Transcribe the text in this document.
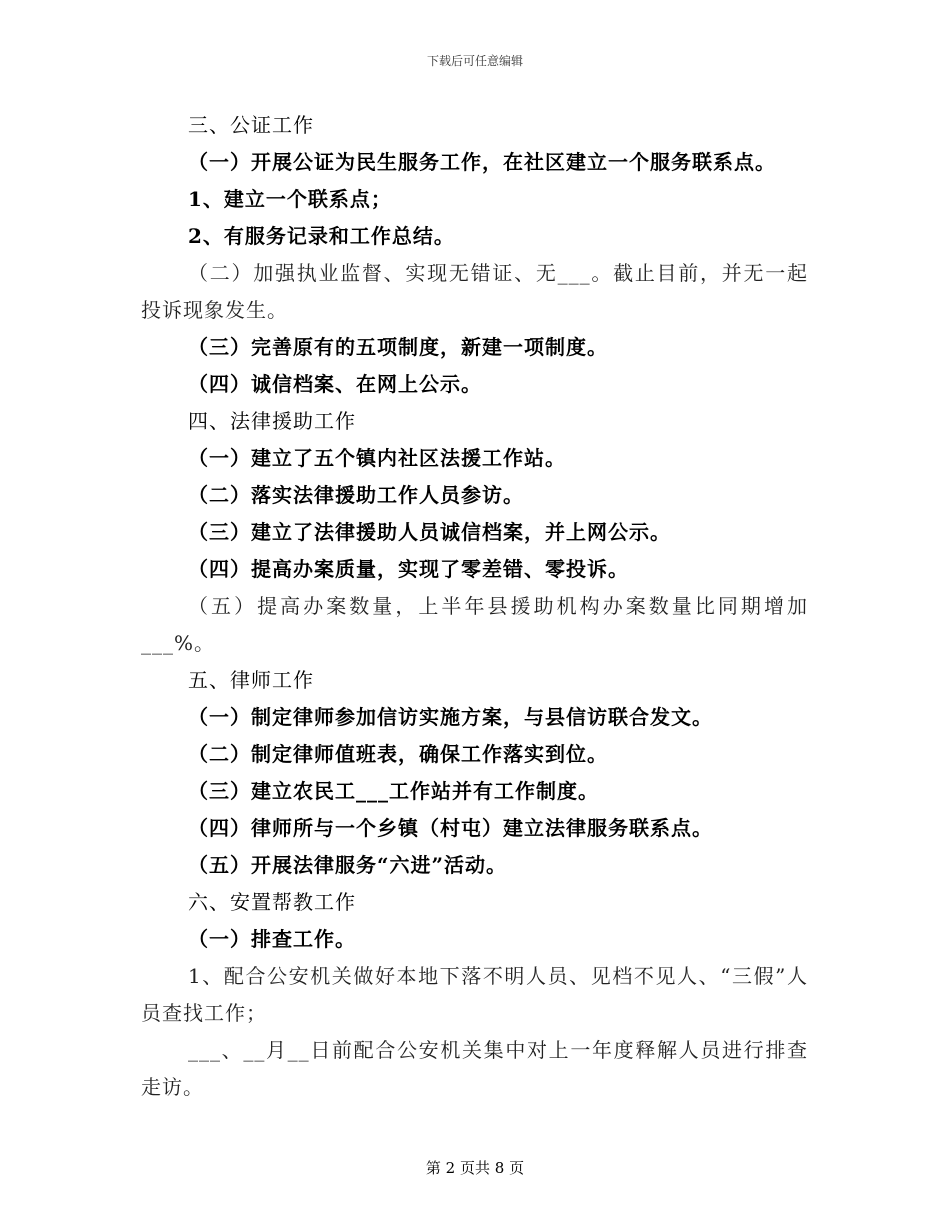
下载后可任意编辑
三、公证工作
（一）开展公证为民生服务工作，在社区建立一个服务联系点。
1、建立一个联系点；
2、有服务记录和工作总结。
（二）加强执业监督、实现无错证、无___。截止目前，并无一起投诉现象发生。
（三）完善原有的五项制度，新建一项制度。
（四）诚信档案、在网上公示。
四、法律援助工作
（一）建立了五个镇内社区法援工作站。
（二）落实法律援助工作人员参访。
（三）建立了法律援助人员诚信档案，并上网公示。
（四）提高办案质量，实现了零差错、零投诉。
（五）提高办案数量，上半年县援助机构办案数量比同期增加___%。
五、律师工作
（一）制定律师参加信访实施方案，与县信访联合发文。
（二）制定律师值班表，确保工作落实到位。
（三）建立农民工___工作站并有工作制度。
（四）律师所与一个乡镇（村屯）建立法律服务联系点。
（五）开展法律服务“六进”活动。
六、安置帮教工作
（一）排查工作。
1、配合公安机关做好本地下落不明人员、见档不见人、“三假”人员查找工作；
___、__月__日前配合公安机关集中对上一年度释解人员进行排查走访。
第 2 页共 8 页
